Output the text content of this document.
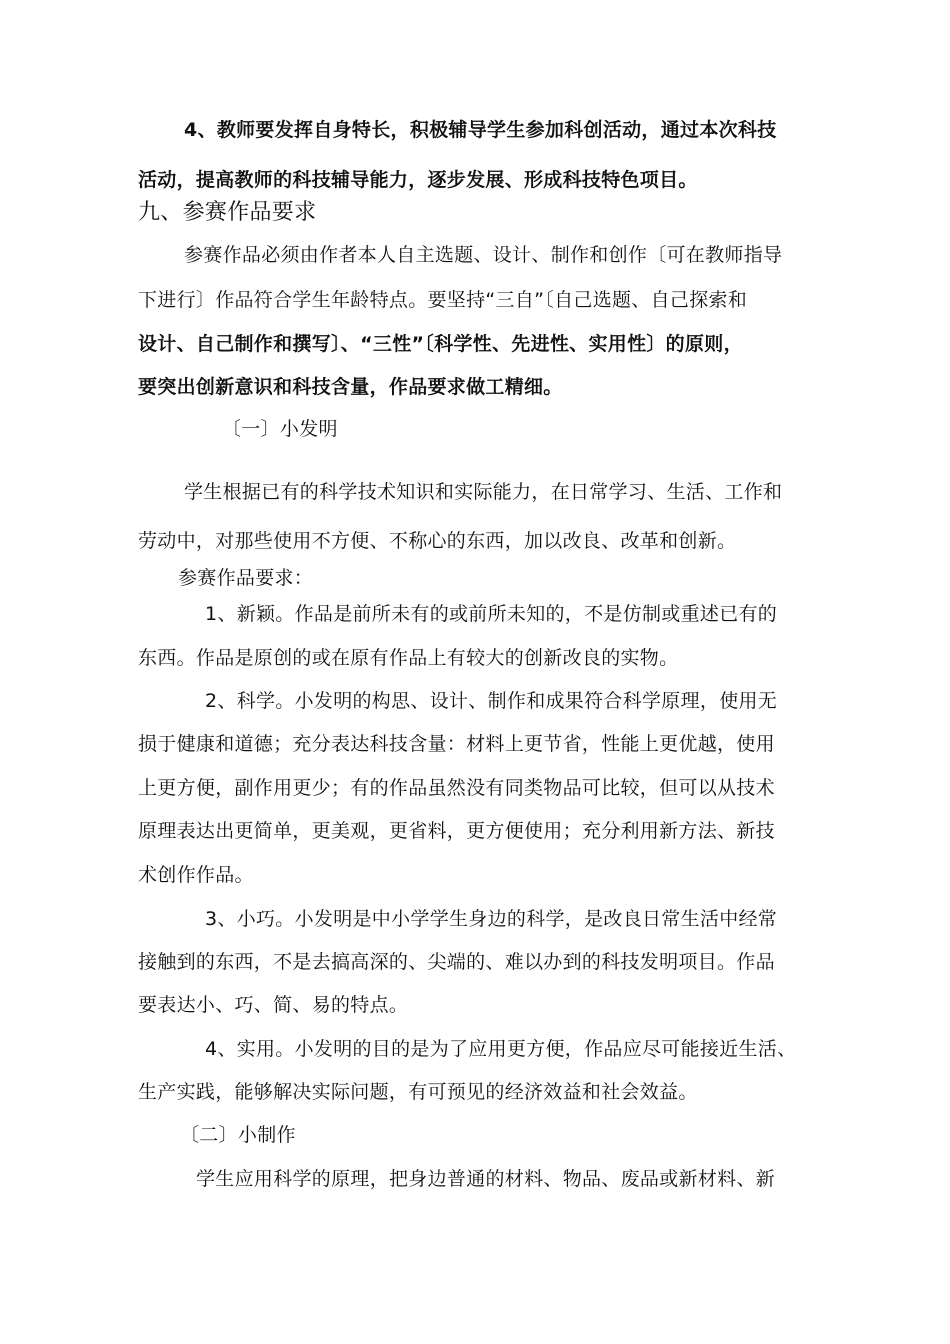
4、教师要发挥自身特长，积极辅导学生参加科创活动，通过本次科技

活动，提高教师的科技辅导能力，逐步发展、形成科技特色项目。

九、参赛作品要求

参赛作品必须由作者本人自主选题、设计、制作和创作〔可在教师指导

下进行〕作品符合学生年龄特点。要坚持“三自”〔自己选题、自己探索和

设计、自己制作和撰写〕、“三性”〔科学性、先进性、实用性〕的原则，

要突出创新意识和科技含量，作品要求做工精细。

〔一〕小发明

学生根据已有的科学技术知识和实际能力，在日常学习、生活、工作和

劳动中，对那些使用不方便、不称心的东西，加以改良、改革和创新。

参赛作品要求：

1、新颖。作品是前所未有的或前所未知的，不是仿制或重述已有的

东西。作品是原创的或在原有作品上有较大的创新改良的实物。

2、科学。小发明的构思、设计、制作和成果符合科学原理，使用无

损于健康和道德；充分表达科技含量：材料上更节省，性能上更优越，使用

上更方便，副作用更少；有的作品虽然没有同类物品可比较，但可以从技术

原理表达出更简单，更美观，更省料，更方便使用；充分利用新方法、新技

术创作作品。

3、小巧。小发明是中小学学生身边的科学，是改良日常生活中经常

接触到的东西，不是去搞高深的、尖端的、难以办到的科技发明项目。作品

要表达小、巧、简、易的特点。

4、实用。小发明的目的是为了应用更方便，作品应尽可能接近生活、

生产实践，能够解决实际问题，有可预见的经济效益和社会效益。

〔二〕小制作

学生应用科学的原理，把身边普通的材料、物品、废品或新材料、新
